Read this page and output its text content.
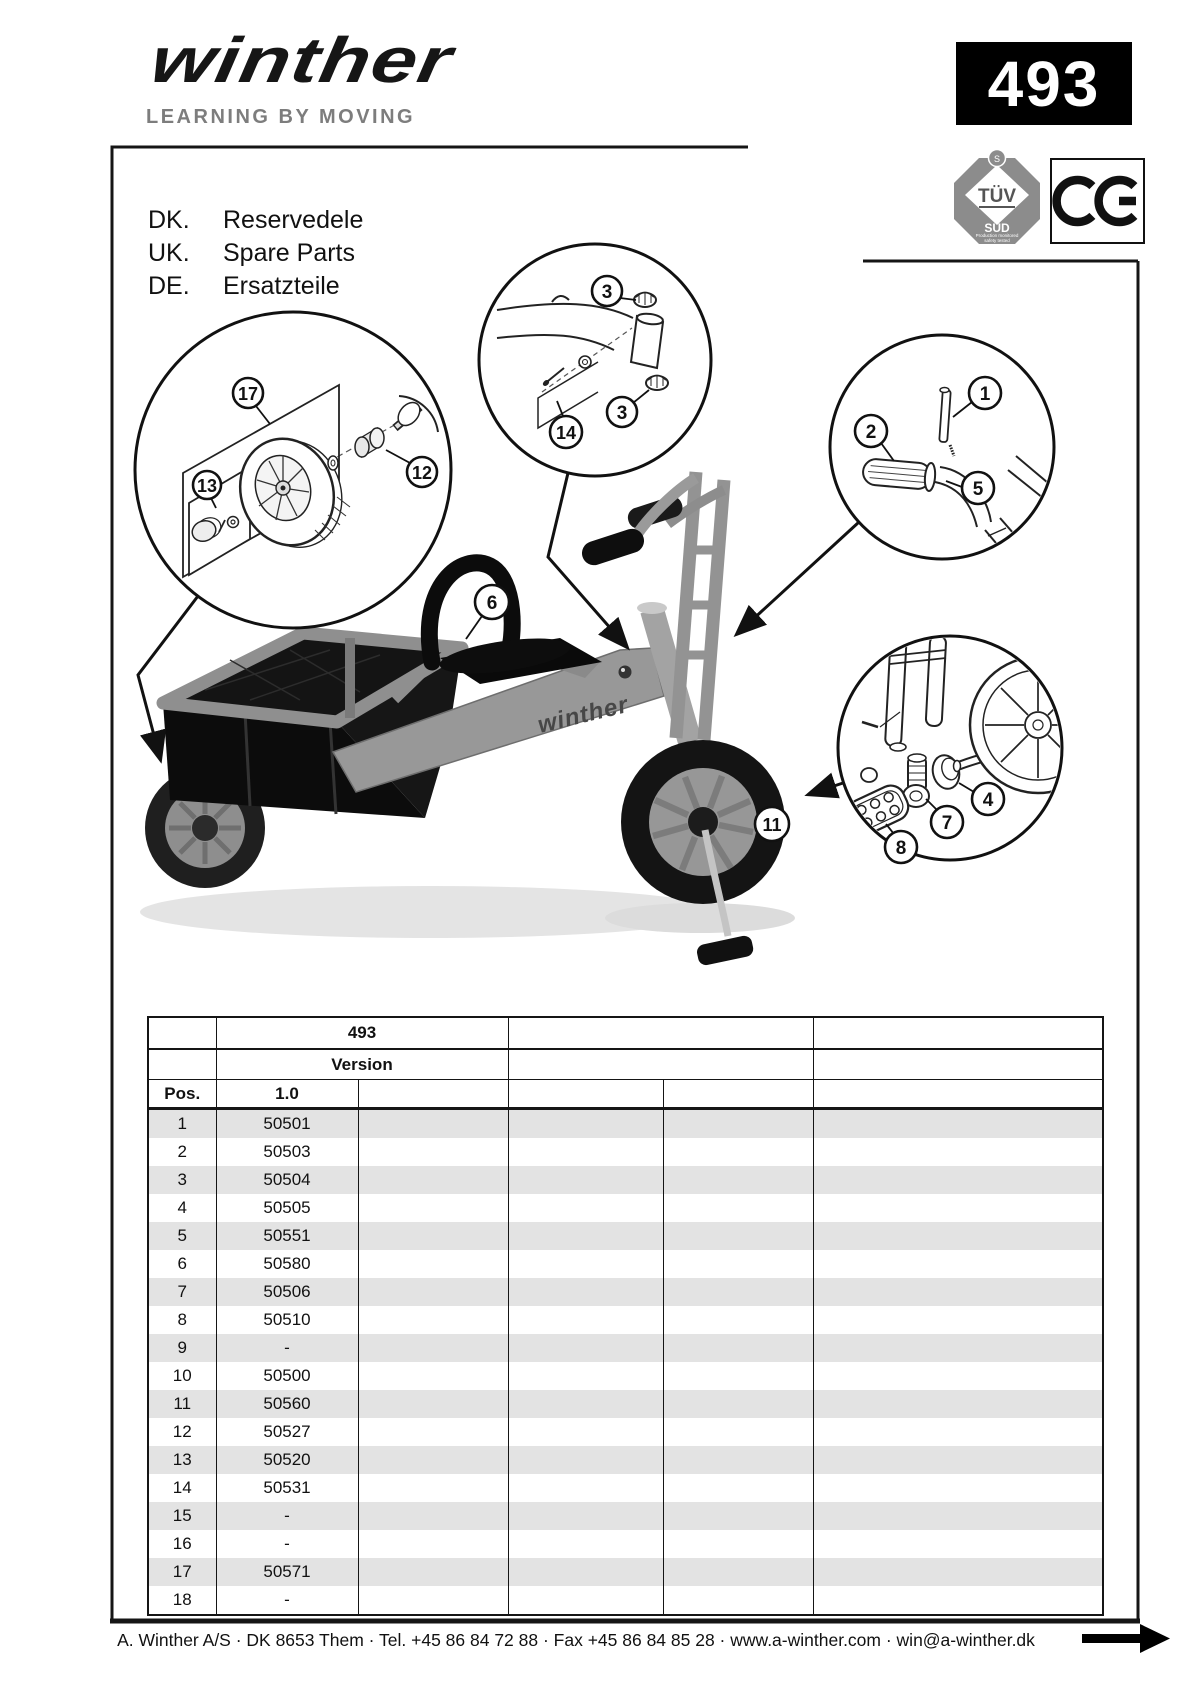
TÜV
SÜD
S
Production monitored
safety tested
winther
17
13
12
3
3
14
1
2
5
4
7
8
6
11
winther
LEARNING BY MOVING	493
DK.	Reservedele
UK.	Spare Parts
DE.	Ersatzteile
	493				
	Version				
Pos.	1.0				
1	50501				
2	50503				
3	50504				
4	50505				
5	50551				
6	50580				
7	50506				
8	50510				
9	-				
10	50500				
11	50560				
12	50527				
13	50520				
14	50531				
15	-				
16	-				
17	50571				
18	-				
A. Winther A/S · DK 8653 Them · Tel. +45 86 84 72 88 · Fax +45 86 84 85 28 · www.a-winther.com · win@a-winther.dk
